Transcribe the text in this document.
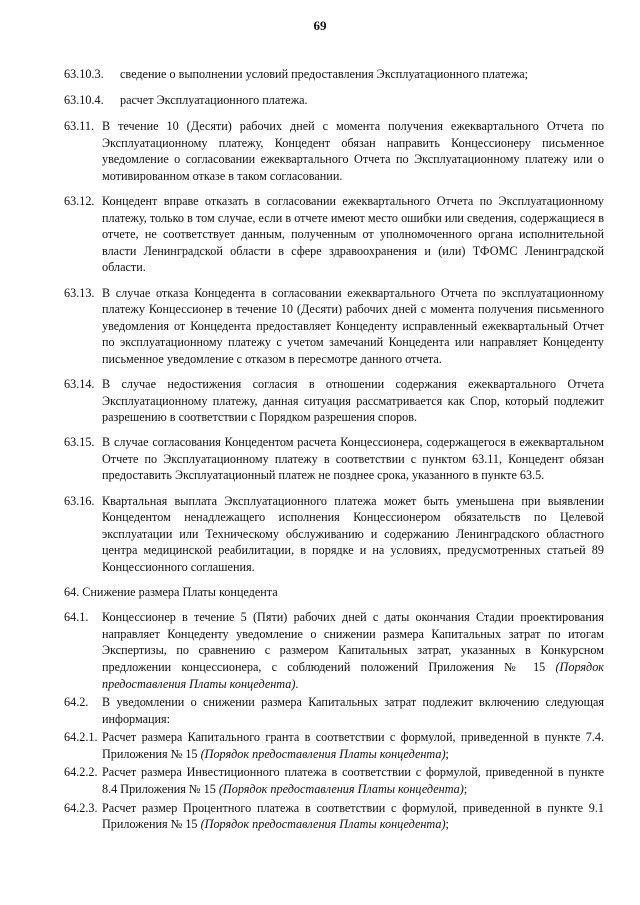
69
63.10.3.	сведение о выполнении условий предоставления Эксплуатационного платежа;
63.10.4.	расчет Эксплуатационного платежа.
63.11. В течение 10 (Десяти) рабочих дней с момента получения ежеквартального Отчета по Эксплуатационному платежу, Концедент обязан направить Концессионеру письменное уведомление о согласовании ежеквартального Отчета по Эксплуатационному платежу или о мотивированном отказе в таком согласовании.
63.12. Концедент вправе отказать в согласовании ежеквартального Отчета по Эксплуатационному платежу, только в том случае, если в отчете имеют место ошибки или сведения, содержащиеся в отчете, не соответствует данным, полученным от уполномоченного органа исполнительной власти Ленинградской области в сфере здравоохранения и (или) ТФОМС Ленинградской области.
63.13. В случае отказа Концедента в согласовании ежеквартального Отчета по эксплуатационному платежу Концессионер в течение 10 (Десяти) рабочих дней с момента получения письменного уведомления от Концедента предоставляет Концеденту исправленный ежеквартальный Отчет по эксплуатационному платежу с учетом замечаний Концедента или направляет Концеденту письменное уведомление с отказом в пересмотре данного отчета.
63.14. В случае недостижения согласия в отношении содержания ежеквартального Отчета Эксплуатационному платежу, данная ситуация рассматривается как Спор, который подлежит разрешению в соответствии с Порядком разрешения споров.
63.15. В случае согласования Концедентом расчета Концессионера, содержащегося в ежеквартальном Отчете по Эксплуатационному платежу в соответствии с пунктом 63.11, Концедент обязан предоставить Эксплуатационный платеж не позднее срока, указанного в пункте 63.5.
63.16. Квартальная выплата Эксплуатационного платежа может быть уменьшена при выявлении Концедентом ненадлежащего исполнения Концессионером обязательств по Целевой эксплуатации или Техническому обслуживанию и содержанию Ленинградского областного центра медицинской реабилитации, в порядке и на условиях, предусмотренных статьей 89 Концессионного соглашения.
64. Снижение размера Платы концедента
64.1.	Концессионер в течение 5 (Пяти) рабочих дней с даты окончания Стадии проектирования направляет Концеденту уведомление о снижении размера Капитальных затрат по итогам Экспертизы, по сравнению с размером Капитальных затрат, указанных в Конкурсном предложении концессионера, с соблюдений положений Приложения № 15 (Порядок предоставления Платы концедента).
64.2.	В уведомлении о снижении размера Капитальных затрат подлежит включению следующая информация:
64.2.1. Расчет размера Капитального гранта в соответствии с формулой, приведенной в пункте 7.4. Приложения № 15 (Порядок предоставления Платы концедента);
64.2.2. Расчет размера Инвестиционного платежа в соответствии с формулой, приведенной в пункте 8.4 Приложения № 15 (Порядок предоставления Платы концедента);
64.2.3. Расчет размер Процентного платежа в соответствии с формулой, приведенной в пункте 9.1 Приложения № 15 (Порядок предоставления Платы концедента);
